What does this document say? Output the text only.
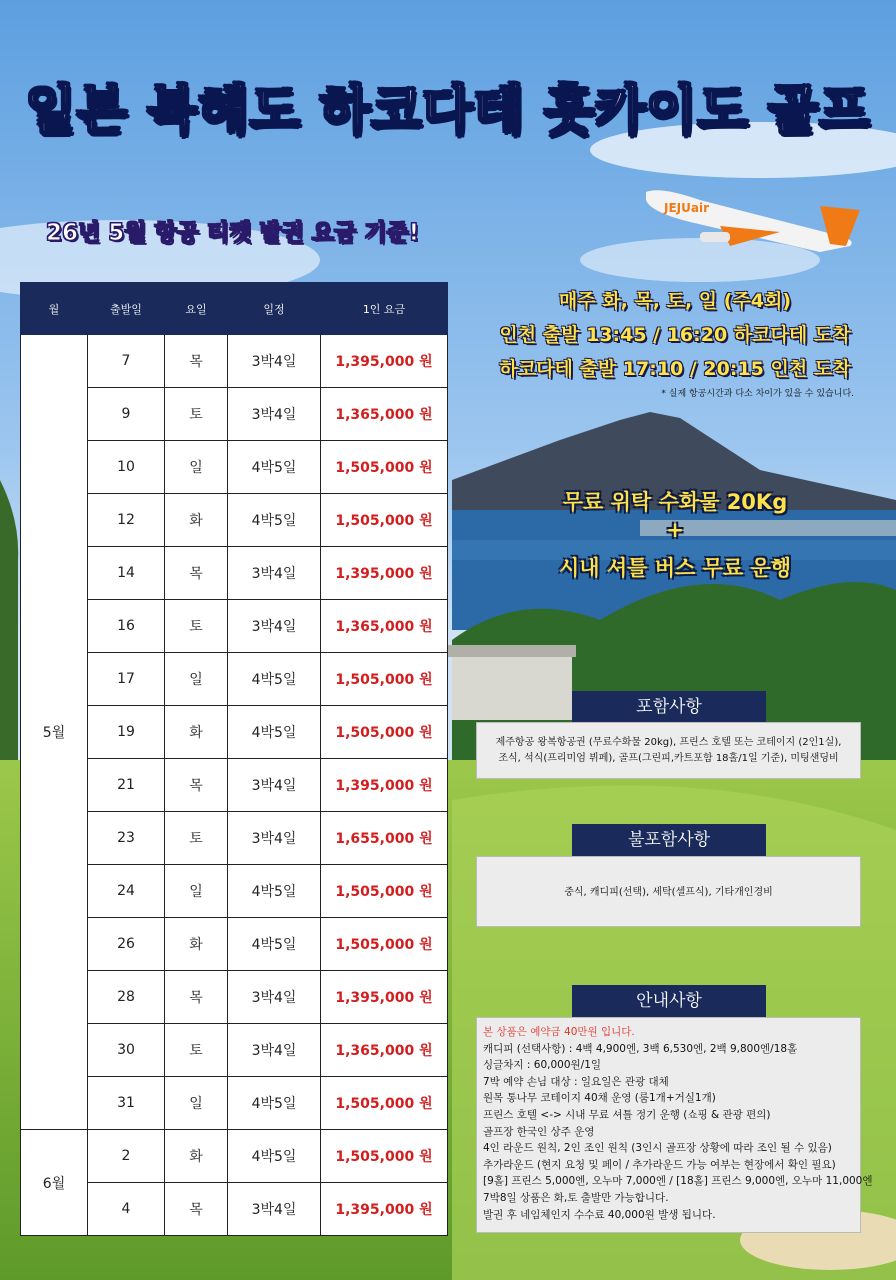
JEJUair
일본 북해도 하코다테 훗카이도 골프
26년 5월 항공 티켓 발권 요금 기준!
월	출발일	요일	일정	1인 요금
5월	7	목	3박4일	1,395,000 원
	9	토	3박4일	1,365,000 원
	10	일	4박5일	1,505,000 원
	12	화	4박5일	1,505,000 원
	14	목	3박4일	1,395,000 원
	16	토	3박4일	1,365,000 원
	17	일	4박5일	1,505,000 원
	19	화	4박5일	1,505,000 원
	21	목	3박4일	1,395,000 원
	23	토	3박4일	1,655,000 원
	24	일	4박5일	1,505,000 원
	26	화	4박5일	1,505,000 원
	28	목	3박4일	1,395,000 원
	30	토	3박4일	1,365,000 원
	31	일	4박5일	1,505,000 원
6월	2	화	4박5일	1,505,000 원
	4	목	3박4일	1,395,000 원
매주 화, 목, 토, 일 (주4회)
인천 출발 13:45 / 16:20 하코다테 도착
하코다테 출발 17:10 / 20:15 인천 도착
* 실제 항공시간과 다소 차이가 있을 수 있습니다.
무료 위탁 수화물 20Kg
+
시내 셔틀 버스 무료 운행
포함사항
제주항공 왕복항공권 (무료수화물 20kg), 프린스 호텔 또는 코테이지 (2인1실),
조식, 석식(프리미엄 뷔페), 골프(그린피,카트포함 18홀/1일 기준), 미팅샌딩비
불포함사항
중식, 캐디피(선택), 세탁(셀프식), 기타개인경비
안내사항
본 상품은 예약금 40만원 입니다.
캐디피 (선택사항) : 4백 4,900엔, 3백 6,530엔, 2백 9,800엔/18홀
싱글차지 : 60,000원/1일
7박 예약 손님 대상 : 일요일은 관광 대체
원목 통나무 코테이지 40채 운영 (룸1개+거실1개)
프린스 호텔 <-> 시내 무료 셔틀 정기 운행 (쇼핑 & 관광 편의)
골프장 한국인 상주 운영
4인 라운드 원칙, 2인 조인 원칙 (3인시 골프장 상황에 따라 조인 될 수 있음)
추가라운드 (현지 요청 및 페이 / 추가라운드 가능 여부는 현장에서 확인 필요)
[9홀] 프린스 5,000엔, 오누마 7,000엔 / [18홀] 프린스 9,000엔, 오누마 11,000엔
7박8일 상품은 화,토 출발만 가능합니다.
발권 후 네임체인지 수수료 40,000원 발생 됩니다.
